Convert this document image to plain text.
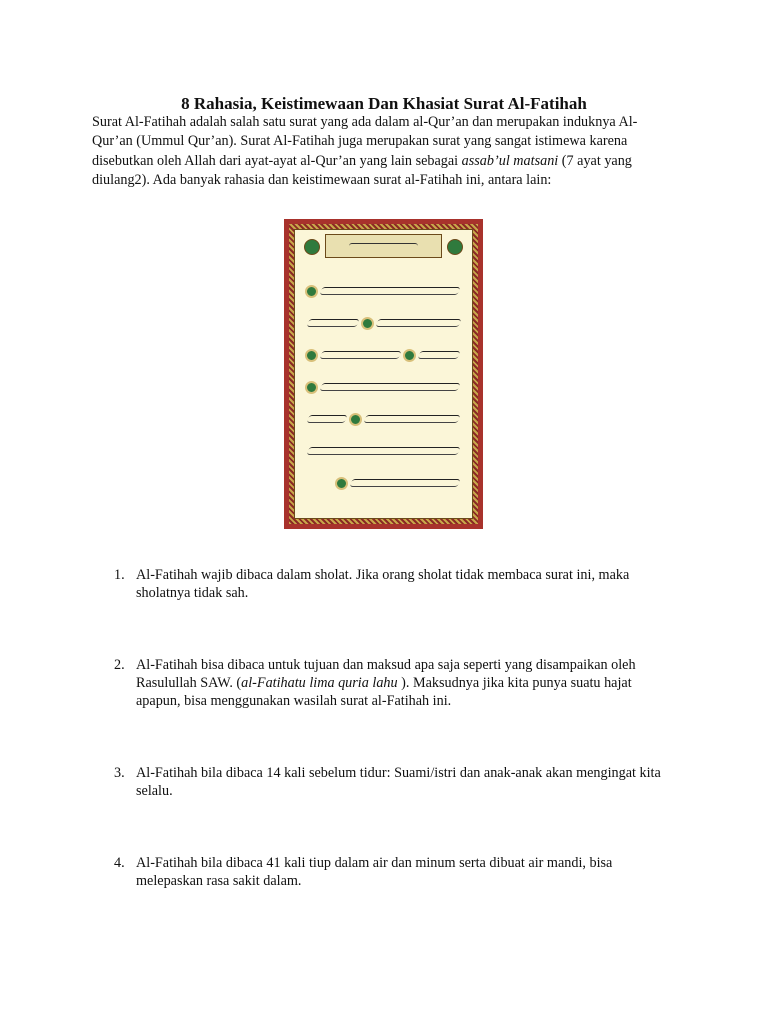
8 Rahasia, Keistimewaan Dan Khasiat Surat Al-Fatihah

Surat Al-Fatihah adalah salah satu surat yang ada dalam al-Qur’an dan merupakan induknya Al-Qur’an (Ummul Qur’an). Surat Al-Fatihah juga merupakan surat yang sangat istimewa karena disebutkan oleh Allah dari ayat-ayat al-Qur’an yang lain sebagai assab’ul matsani (7 ayat yang diulang2). Ada banyak rahasia dan keistimewaan surat al-Fatihah ini, antara lain:

1. Al-Fatihah wajib dibaca dalam sholat. Jika orang sholat tidak membaca surat ini, maka sholatnya tidak sah.
2. Al-Fatihah bisa dibaca untuk tujuan dan maksud apa saja seperti yang disampaikan oleh Rasulullah SAW. (al-Fatihatu lima quria lahu ). Maksudnya jika kita punya suatu hajat apapun, bisa menggunakan wasilah surat al-Fatihah ini.
3. Al-Fatihah bila dibaca 14 kali sebelum tidur: Suami/istri dan anak-anak akan mengingat kita selalu.
4. Al-Fatihah bila dibaca 41 kali tiup dalam air dan minum serta dibuat air mandi, bisa melepaskan rasa sakit dalam.
